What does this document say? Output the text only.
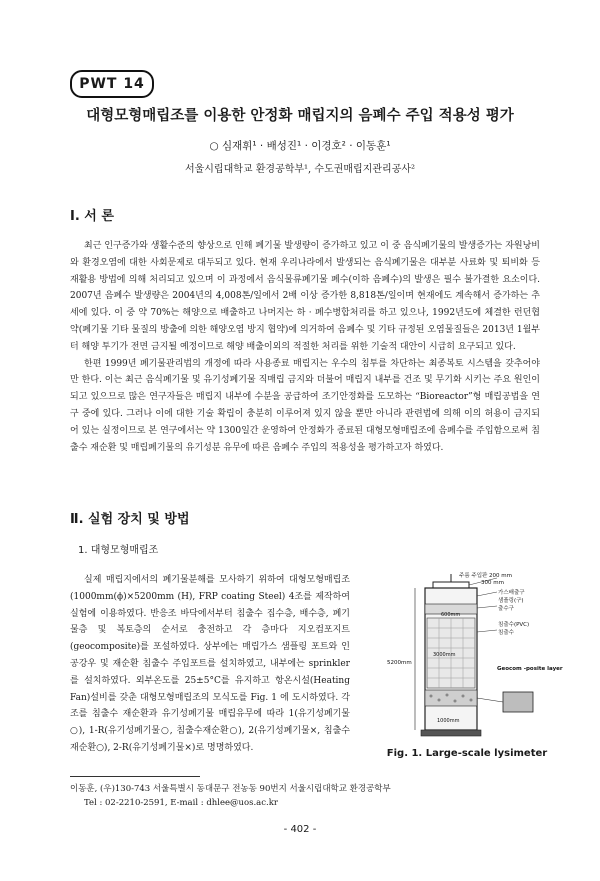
PWT 14
대형모형매립조를 이용한 안정화 매립지의 음폐수 주입 적용성 평가
○ 심재휘¹ · 배성진¹ · 이경호² · 이동훈¹
서울시립대학교 환경공학부¹, 수도권매립지관리공사²
Ⅰ. 서 론

최근 인구증가와 생활수준의 향상으로 인해 폐기물 발생량이 증가하고 있고 이 중 음식폐기물의 발생증가는 자원낭비와 환경오염에 대한 사회문제로 대두되고 있다. 현재 우리나라에서 발생되는 음식폐기물은 대부분 사료화 및 퇴비화 등 재활용 방법에 의해 처리되고 있으며 이 과정에서 음식물류폐기물 폐수(이하 음폐수)의 발생은 필수 불가결한 요소이다. 2007년 음폐수 발생량은 2004년의 4,008톤/일에서 2배 이상 증가한 8,818톤/일이며 현재에도 계속해서 증가하는 추세에 있다. 이 중 약 70%는 해양으로 배출하고 나머지는 하 · 폐수병합처리를 하고 있으나, 1992년도에 체결한 런던협약(폐기물 기타 물질의 방출에 의한 해양오염 방지 협약)에 의거하여 음폐수 및 기타 규정된 오염물질들은 2013년 1월부터 해양 투기가 전면 금지될 예정이므로 해양 배출이외의 적절한 처리를 위한 기술적 대안이 시급히 요구되고 있다.

한편 1999년 폐기물관리법의 개정에 따라 사용종료 매립지는 우수의 침투를 차단하는 최종복토 시스템을 갖추어야만 한다. 이는 최근 음식폐기물 및 유기성폐기물 직매립 금지와 더불어 매립지 내부를 건조 및 무기화 시키는 주요 원인이 되고 있으므로 많은 연구자들은 매립지 내부에 수분을 공급하여 조기안정화를 도모하는 “Bioreactor”형 매립공법을 연구 중에 있다. 그러나 이에 대한 기술 확립이 충분히 이루어져 있지 않을 뿐만 아니라 관련법에 의해 이의 허용이 금지되어 있는 실정이므로 본 연구에서는 약 1300일간 운영하여 안정화가 종료된 대형모형매립조에 음폐수를 주입함으로써 침출수 재순환 및 매립폐기물의 유기성분 유무에 따른 음폐수 주입의 적용성을 평가하고자 하였다.

Ⅱ. 실험 장치 및 방법
1. 대형모형매립조

실제 매립지에서의 폐기물분해를 모사하기 위하여 대형모형매립조(1000mm(ϕ)×5200mm (H), FRP coating Steel) 4조를 제작하여 실험에 이용하였다. 반응조 바닥에서부터 침출수 집수층, 배수층, 폐기물층 및 복토층의 순서로 충전하고 각 층마다 지오컴포지트(geocomposite)를 포설하였다. 상부에는 매립가스 샘플링 포트와 인공강우 및 재순환 침출수 주입포트를 설치하였고, 내부에는 sprinkler를 설치하였다. 외부온도를 25±5°C를 유지하고 항온시설(Heating Fan)설비를 갖춘 대형모형매립조의 모식도를 Fig. 1 에 도시하였다. 각 조를 침출수 재순환과 유기성폐기물 매립유무에 따라 1(유기성폐기물○), 1-R(유기성폐기물○, 침출수재순환○), 2(유기성폐기물×, 침출수재순환○), 2-R(유기성폐기물×)로 명명하였다.

주름 주입판 200 mm
300 mm
가스배출구
샘플링(구)
출수구
600mm
침출수(PVC)
침출수
5200mm
3000mm
Geocom -posite layer
1000mm
Fig. 1. Large-scale lysimeter
이동훈, (우)130-743 서울특별시 동대문구 전농동 90번지 서울시립대학교 환경공학부
Tel : 02-2210-2591, E-mail : dhlee@uos.ac.kr
- 402 -
